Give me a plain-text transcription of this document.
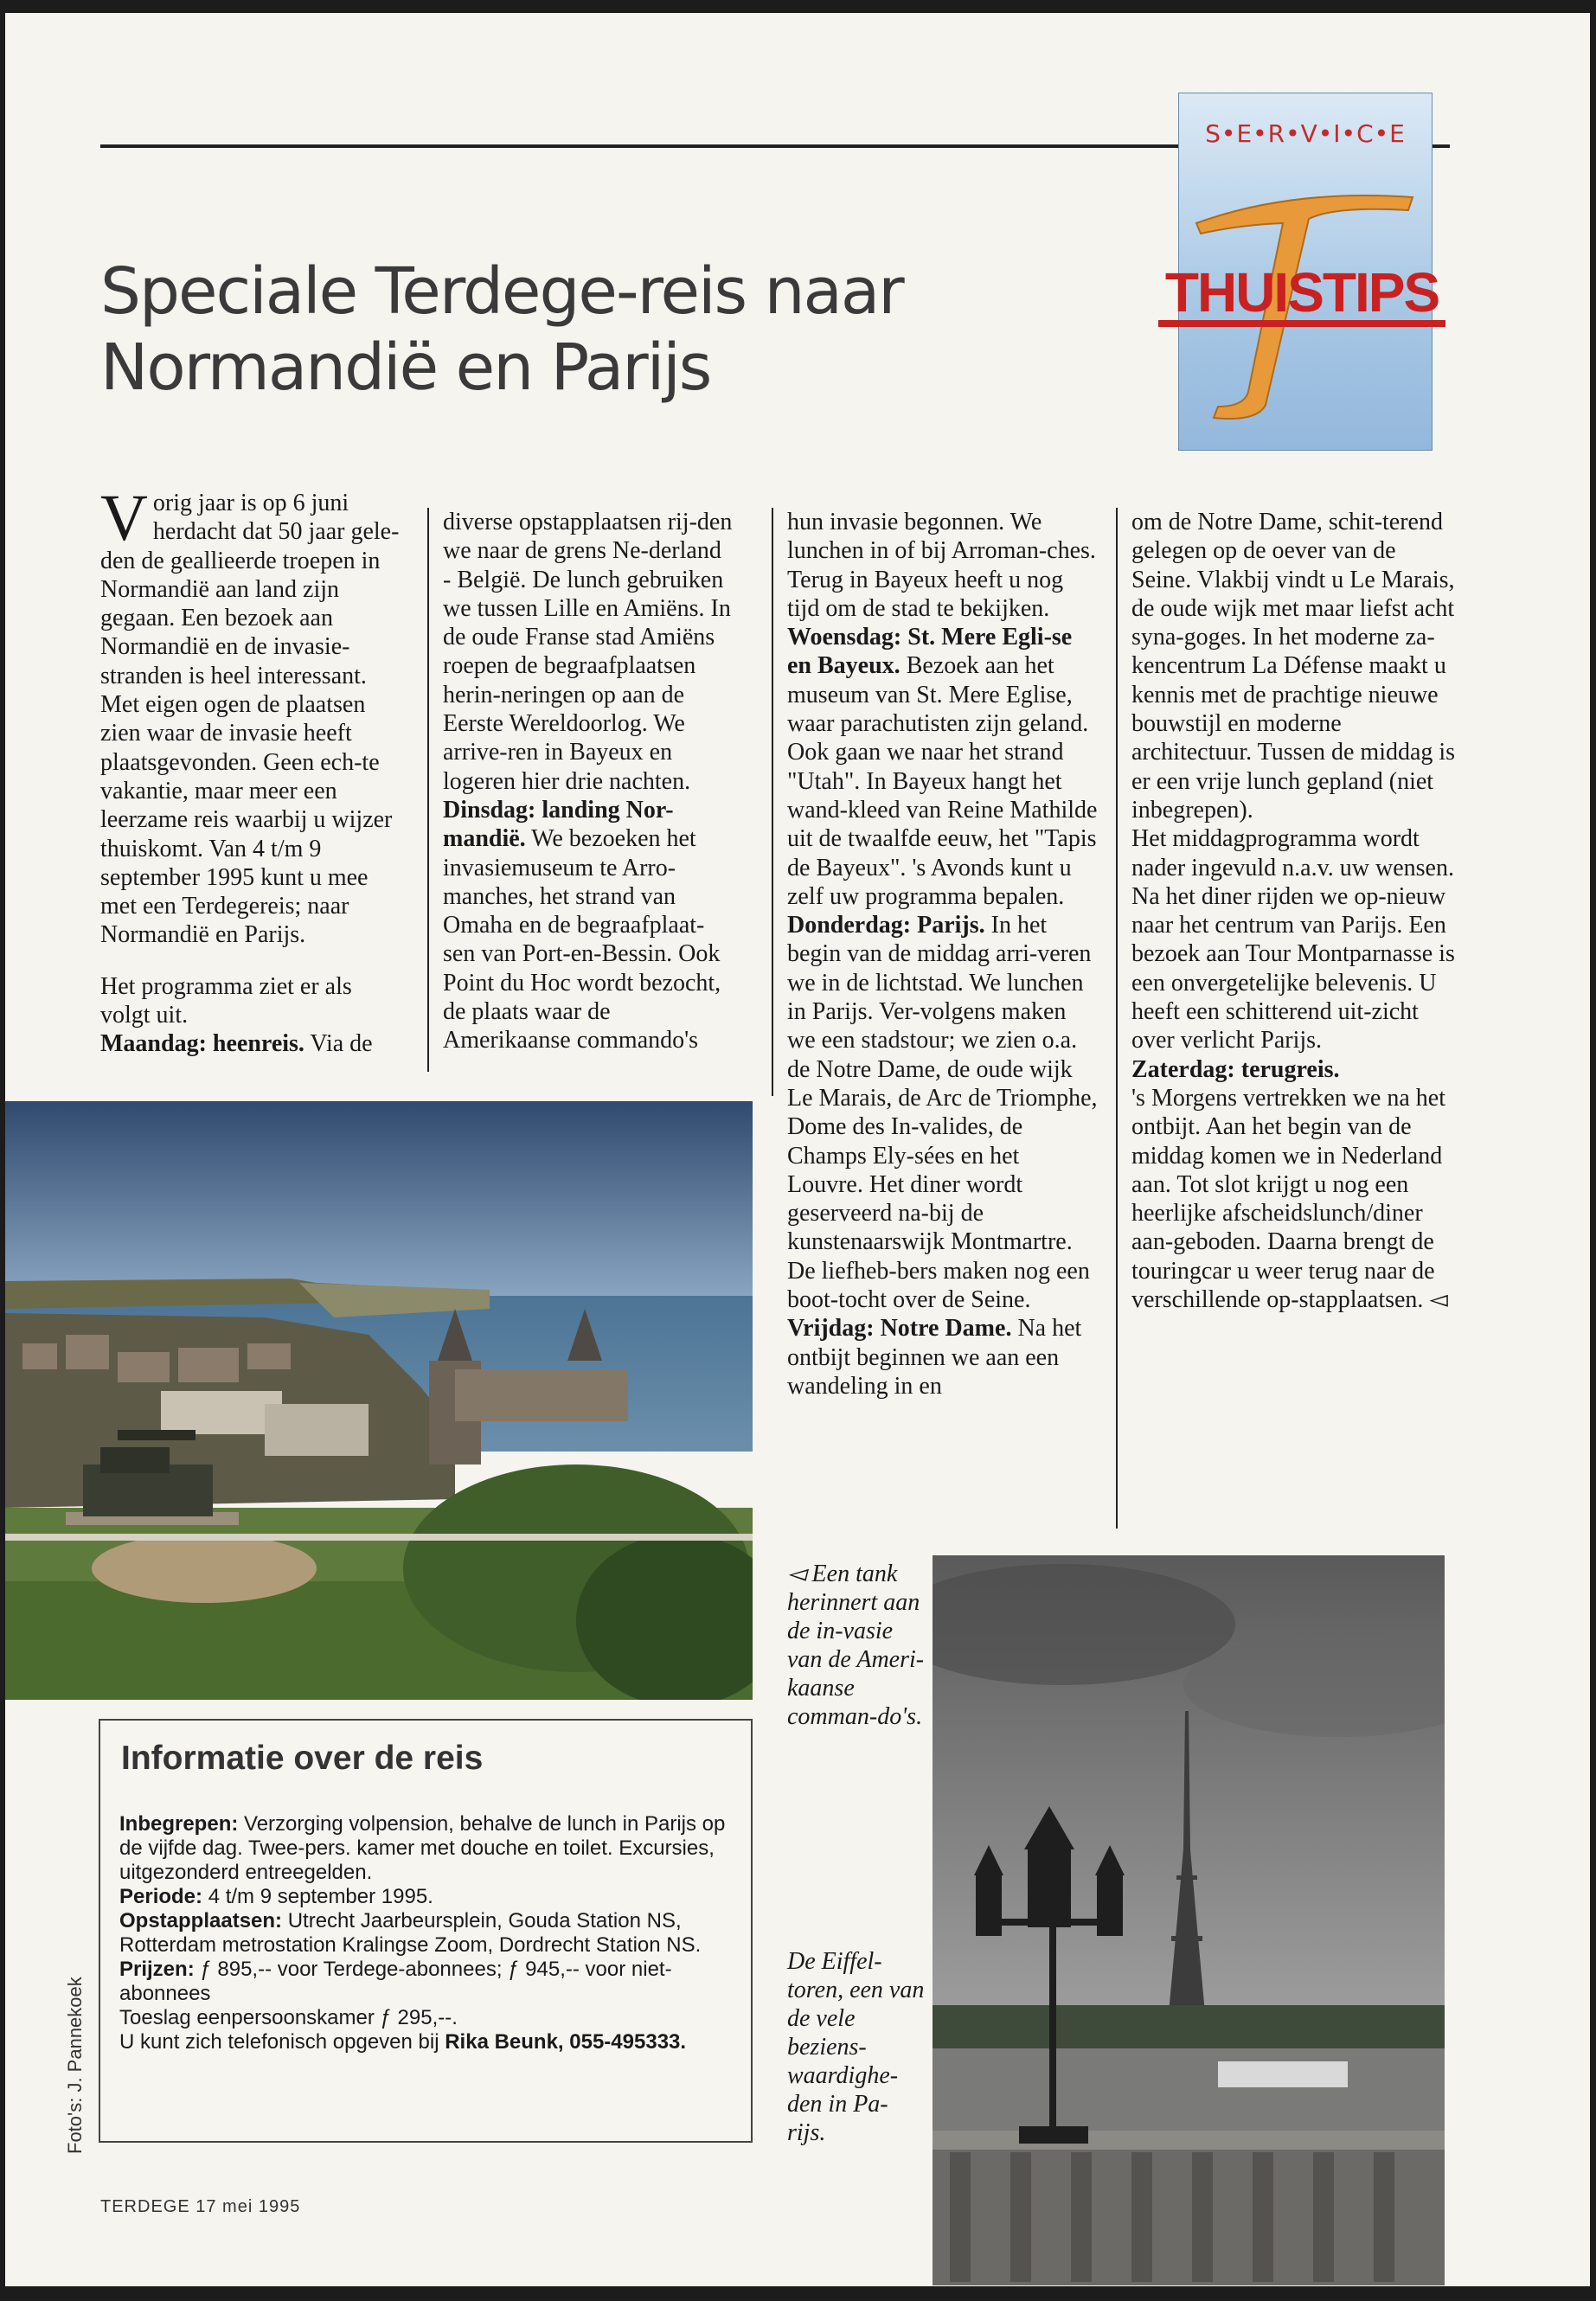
S•E•R•V•I•C•E
THUISTIPS
Speciale Terdege-reis naar
Normandië en Parijs

Vorig jaar is op 6 juni herdacht dat 50 jaar gele-den de geallieerde troepen in Normandië aan land zijn gegaan. Een bezoek aan Normandië en de invasie-stranden is heel interessant. Met eigen ogen de plaatsen zien waar de invasie heeft plaatsgevonden. Geen ech-te vakantie, maar meer een leerzame reis waarbij u wijzer thuiskomt. Van 4 t/m 9 september 1995 kunt u mee met een Terdegereis; naar Normandië en Parijs.

Het programma ziet er als volgt uit.

Maandag: heenreis. Via de

diverse opstapplaatsen rij-den we naar de grens Ne-derland - België. De lunch gebruiken we tussen Lille en Amiëns. In de oude Franse stad Amiëns roepen de begraafplaatsen herin-neringen op aan de Eerste Wereldoorlog. We arrive-ren in Bayeux en logeren hier drie nachten.

Dinsdag: landing Nor-mandië. We bezoeken het invasiemuseum te Arro-manches, het strand van Omaha en de begraafplaat-sen van Port-en-Bessin. Ook Point du Hoc wordt bezocht, de plaats waar de Amerikaanse commando's

hun invasie begonnen. We lunchen in of bij Arroman-ches. Terug in Bayeux heeft u nog tijd om de stad te bekijken.

Woensdag: St. Mere Egli-se en Bayeux. Bezoek aan het museum van St. Mere Eglise, waar parachutisten zijn geland. Ook gaan we naar het strand "Utah". In Bayeux hangt het wand-kleed van Reine Mathilde uit de twaalfde eeuw, het "Tapis de Bayeux". 's Avonds kunt u zelf uw programma bepalen.

Donderdag: Parijs. In het begin van de middag arri-veren we in de lichtstad. We lunchen in Parijs. Ver-volgens maken we een stadstour; we zien o.a. de Notre Dame, de oude wijk Le Marais, de Arc de Triomphe, Dome des In-valides, de Champs Ely-sées en het Louvre. Het diner wordt geserveerd na-bij de kunstenaarswijk Montmartre. De liefheb-bers maken nog een boot-tocht over de Seine.

Vrijdag: Notre Dame. Na het ontbijt beginnen we aan een wandeling in en

om de Notre Dame, schit-terend gelegen op de oever van de Seine. Vlakbij vindt u Le Marais, de oude wijk met maar liefst acht syna-goges. In het moderne za-kencentrum La Défense maakt u kennis met de prachtige nieuwe bouwstijl en moderne architectuur. Tussen de middag is er een vrije lunch gepland (niet inbegrepen).

Het middagprogramma wordt nader ingevuld n.a.v. uw wensen.

Na het diner rijden we op-nieuw naar het centrum van Parijs. Een bezoek aan Tour Montparnasse is een onvergetelijke belevenis. U heeft een schitterend uit-zicht over verlicht Parijs.

Zaterdag: terugreis.

's Morgens vertrekken we na het ontbijt. Aan het begin van de middag komen we in Nederland aan. Tot slot krijgt u nog een heerlijke afscheidslunch/diner aan-geboden. Daarna brengt de touringcar u weer terug naar de verschillende op-stapplaatsen. ◅

◅ Een tank herinnert aan de in-vasie van de Ameri-kaanse comman-do's.
De Eiffel-toren, een van de vele beziens-waardighe-den in Pa-rijs.
Informatie over de reis

Inbegrepen: Verzorging volpension, behalve de lunch in Parijs op de vijfde dag. Twee-pers. kamer met douche en toilet. Excursies, uitgezonderd entreegelden.

Periode: 4 t/m 9 september 1995.

Opstapplaatsen: Utrecht Jaarbeursplein, Gouda Station NS, Rotterdam metrostation Kralingse Zoom, Dordrecht Station NS.

Prijzen: ƒ 895,-- voor Terdege-abonnees; ƒ 945,-- voor niet-abonnees

Toeslag eenpersoonskamer ƒ 295,--.

U kunt zich telefonisch opgeven bij Rika Beunk, 055-495333.

Foto's: J. Pannekoek
TERDEGE 17 mei 1995
